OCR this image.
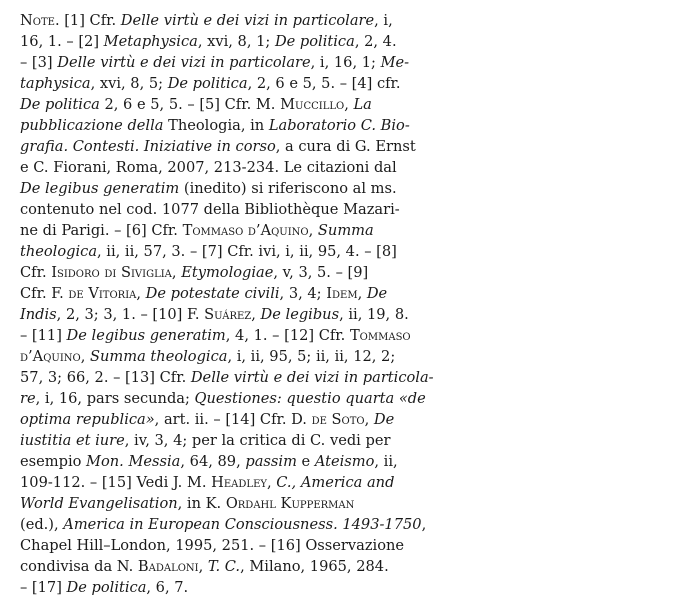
Note. [1] Cfr. Delle virtù e dei vizi in particolare, i,
16, 1. – [2] Metaphysica, xvi, 8, 1; De politica, 2, 4.
– [3] Delle virtù e dei vizi in particolare, i, 16, 1; Me-
taphysica, xvi, 8, 5; De politica, 2, 6 e 5, 5. – [4] cfr.
De politica 2, 6 e 5, 5. – [5] Cfr. M. Muccillo, La
pubblicazione della Theologia, in Laboratorio C. Bio-
grafia. Contesti. Iniziative in corso, a cura di G. Ernst
e C. Fiorani, Roma, 2007, 213-234. Le citazioni dal
De legibus generatim (inedito) si riferiscono al ms.
contenuto nel cod. 1077 della Bibliothèque Mazari-
ne di Parigi. – [6] Cfr. Tommaso d’Aquino, Summa
theologica, ii, ii, 57, 3. – [7] Cfr. ivi, i, ii, 95, 4. – [8]
Cfr. Isidoro di Siviglia, Etymologiae, v, 3, 5. – [9]
Cfr. F. de Vitoria, De potestate civili, 3, 4; Idem, De
Indis, 2, 3; 3, 1. – [10] F. Suárez, De legibus, ii, 19, 8.
– [11] De legibus generatim, 4, 1. – [12] Cfr. Tommaso
d’Aquino, Summa theologica, i, ii, 95, 5; ii, ii, 12, 2;
57, 3; 66, 2. – [13] Cfr. Delle virtù e dei vizi in particola-
re, i, 16, pars secunda; Questiones: questio quarta «de
optima republica», art. ii. – [14] Cfr. D. de Soto, De
iustitia et iure, iv, 3, 4; per la critica di C. vedi per
esempio Mon. Messia, 64, 89, passim e Ateismo, ii,
109-112. – [15] Vedi J. M. Headley, C., America and
World Evangelisation, in K. Ordahl Kupperman
(ed.), America in European Consciousness. 1493-1750,
Chapel Hill–London, 1995, 251. – [16] Osservazione
condivisa da N. Badaloni, T. C., Milano, 1965, 284.
– [17] De politica, 6, 7.
